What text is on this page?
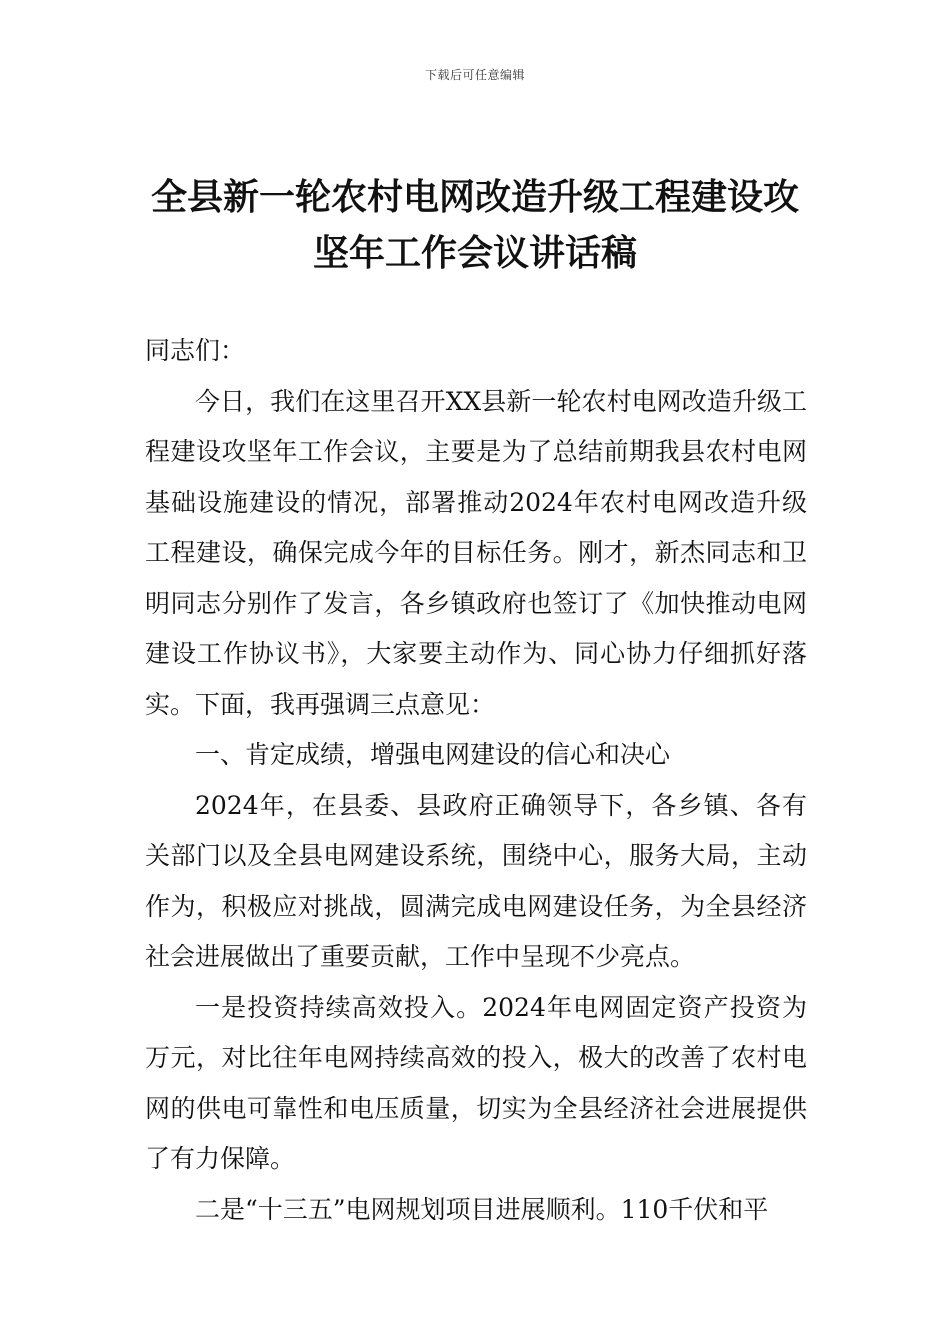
下载后可任意编辑
全县新一轮农村电网改造升级工程建设攻坚年工作会议讲话稿

同志们：

今日，我们在这里召开XX县新一轮农村电网改造升级工程建设攻坚年工作会议，主要是为了总结前期我县农村电网基础设施建设的情况，部署推动2024年农村电网改造升级工程建设，确保完成今年的目标任务。刚才，新杰同志和卫明同志分别作了发言，各乡镇政府也签订了《加快推动电网建设工作协议书》，大家要主动作为、同心协力仔细抓好落实。下面，我再强调三点意见：

一、肯定成绩，增强电网建设的信心和决心

2024年，在县委、县政府正确领导下，各乡镇、各有关部门以及全县电网建设系统，围绕中心，服务大局，主动作为，积极应对挑战，圆满完成电网建设任务，为全县经济社会进展做出了重要贡献，工作中呈现不少亮点。

一是投资持续高效投入。2024年电网固定资产投资为万元，对比往年电网持续高效的投入，极大的改善了农村电网的供电可靠性和电压质量，切实为全县经济社会进展提供了有力保障。

二是“十三五”电网规划项目进展顺利。110千伏和平
